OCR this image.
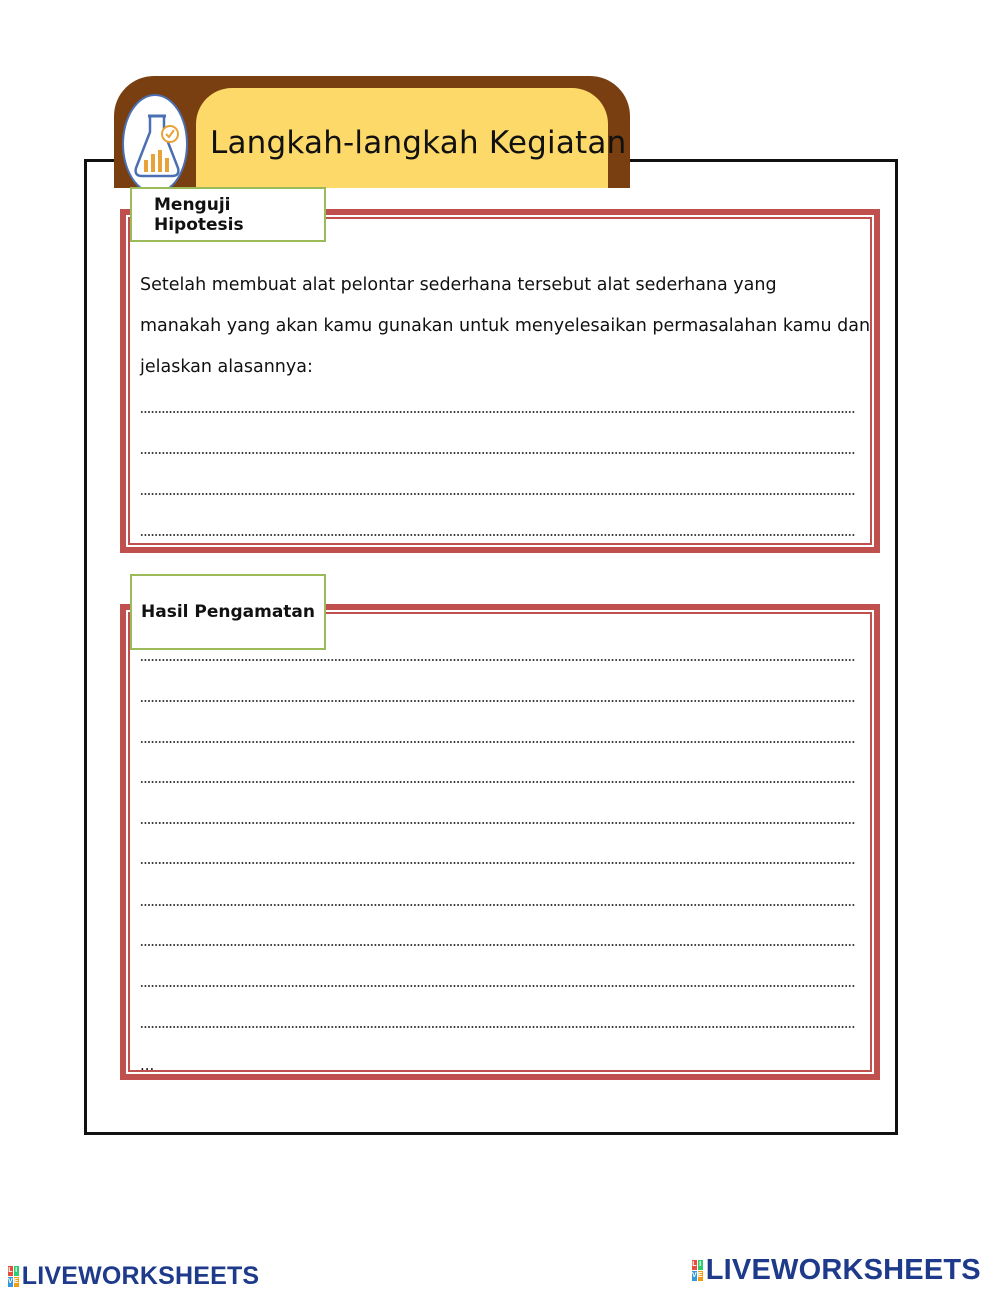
Langkah-langkah Kegiatan
Menguji Hipotesis
Setelah membuat alat pelontar sederhana tersebut alat sederhana yang
manakah yang akan kamu gunakan untuk menyelesaikan permasalahan kamu dan
jelaskan alasannya:
Hasil Pengamatan
...
L I
V E LIVEWORKSHEETS	L I
V E LIVEWORKSHEETS
